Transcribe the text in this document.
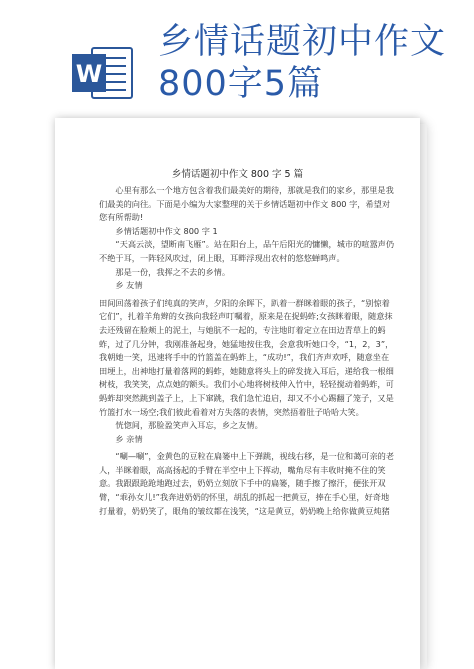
W
乡情话题初中作文
800字5篇
乡情话题初中作文 800 字 5 篇

心里有那么一个地方包含着我们最美好的期待，那就是我们的家乡，那里是我们最美的向往。下面是小编为大家整理的关于乡情话题初中作文 800 字，希望对您有所帮助!

乡情话题初中作文 800 字 1

“天高云淡，望断南飞雁”。站在阳台上，品午后阳光的慵懒，城市的喧嚣声仍不绝于耳，一阵轻风吹过，闭上眼，耳畔浮现出农村的悠悠蝉鸣声。

那是一份，我挥之不去的乡情。

乡 友情

田间回荡着孩子们纯真的笑声，夕阳的余晖下，趴着一群眯着眼的孩子，“别惊着它们”，扎着羊角辫的女孩向我轻声叮嘱着，原来是在捉蚂蚱;女孩眯着眼，随意抹去还残留在脸颊上的泥土，与她肮不一起的，专注地盯着定立在田边青草上的蚂蚱，过了几分钟，我刚准备起身，她猛地按住我，会意我听她口令，“1，2，3”，我朝她一笑，迅速将手中的竹篮盖在蚂蚱上，“成功!”，我们齐声欢呼，随意坐在田埂上，出神地打量着落网的蚂蚱，她随意将头上的碎发拢入耳后，递给我一根细树枝，我笑笑，点点她的额头。我们小心地将树枝伸入竹中，轻轻搅动着蚂蚱，可蚂蚱却突然跳到盖子上，上下窜跳，我们急忙追启，却又不小心踢翻了笼子，又是竹篮打水一场空;我们彼此看着对方失落的表情，突然捂着肚子哈哈大笑。

恍惚间，那脸盈笑声入耳忘，乡之友情。

乡 亲情

“唰—唰”，金黄色的豆粒在扁篓中上下弹跳，视线右移，是一位和蔼可亲的老人，半眯着眼，高高扬起的手臂在半空中上下挥动，嘴角尽有丰收时掩不住的笑意。我跟跟跄跄地跑过去，奶奶立刻放下手中的扁篓，随手擦了擦汗，便张开双臂，“乖孙女儿!”我奔进奶奶的怀里，胡乱的抓起一把黄豆，捧在手心里，好奇地打量着，奶奶笑了，眼角的皱纹都在浅笑，“这是黄豆，奶奶晚上给你做黄豆炖猪
